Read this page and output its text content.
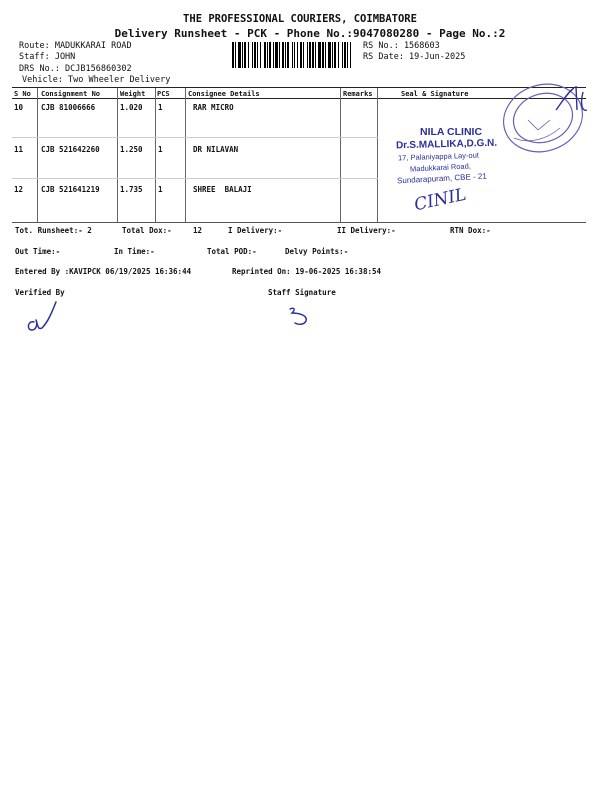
THE PROFESSIONAL COURIERS, COIMBATORE
Delivery Runsheet - PCK - Phone No.:9047080280 - Page No.:2
Route: MADUKKARAI ROAD
Staff: JOHN
DRS No.: DCJB156860302
Vehicle: Two Wheeler Delivery
RS No.: 1568603
RS Date: 19-Jun-2025
S No Consignment No	Weight PCS	Consignee Details	Remarks	Seal & Signature
10 CJB 81006666	1.020 1	RAR MICRO
11 CJB 521642260	1.250 1	DR NILAVAN
12 CJB 521641219	1.735 1	SHREE  BALAJI
NILA CLINIC
Dr.S.MALLIKA,D.G.N.
17, Palaniyappa Lay-out
Madukkarai Road,
Sundarapuram, CBE - 21
CINIL
Tot. Runsheet:- 2	Total Dox:-	12	I Delivery:-	II Delivery:-	RTN Dox:-
Out Time:-	In Time:-	Total POD:-	Delvy Points:-
Entered By :KAVIPCK 06/19/2025 16:36:44	Reprinted On: 19-06-2025 16:38:54
Verified By	Staff Signature
